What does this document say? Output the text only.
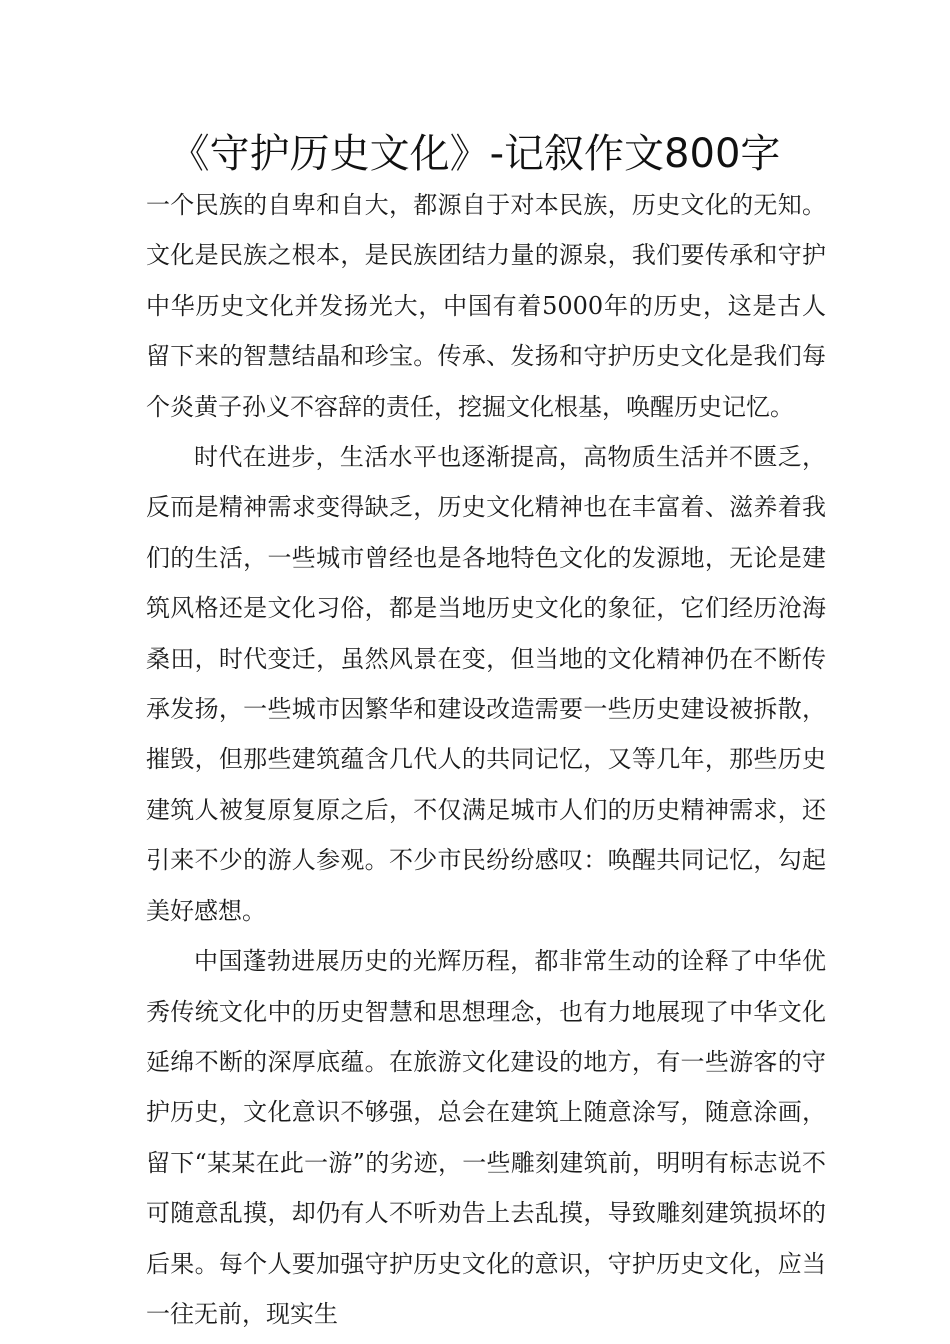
《守护历史文化》-记叙作文800字

一个民族的自卑和自大，都源自于对本民族，历史文化的无知。文化是民族之根本，是民族团结力量的源泉，我们要传承和守护中华历史文化并发扬光大，中国有着5000年的历史，这是古人留下来的智慧结晶和珍宝。传承、发扬和守护历史文化是我们每个炎黄子孙义不容辞的责任，挖掘文化根基，唤醒历史记忆。

时代在进步，生活水平也逐渐提高，高物质生活并不匮乏，反而是精神需求变得缺乏，历史文化精神也在丰富着、滋养着我们的生活，一些城市曾经也是各地特色文化的发源地，无论是建筑风格还是文化习俗，都是当地历史文化的象征，它们经历沧海桑田，时代变迁，虽然风景在变，但当地的文化精神仍在不断传承发扬，一些城市因繁华和建设改造需要一些历史建设被拆散，摧毁，但那些建筑蕴含几代人的共同记忆，又等几年，那些历史建筑人被复原复原之后，不仅满足城市人们的历史精神需求，还引来不少的游人参观。不少市民纷纷感叹：唤醒共同记忆，勾起美好感想。

中国蓬勃进展历史的光辉历程，都非常生动的诠释了中华优秀传统文化中的历史智慧和思想理念，也有力地展现了中华文化延绵不断的深厚底蕴。在旅游文化建设的地方，有一些游客的守护历史，文化意识不够强，总会在建筑上随意涂写，随意涂画，留下“某某在此一游”的劣迹，一些雕刻建筑前，明明有标志说不可随意乱摸，却仍有人不听劝告上去乱摸，导致雕刻建筑损坏的后果。每个人要加强守护历史文化的意识，守护历史文化，应当一往无前，现实生
